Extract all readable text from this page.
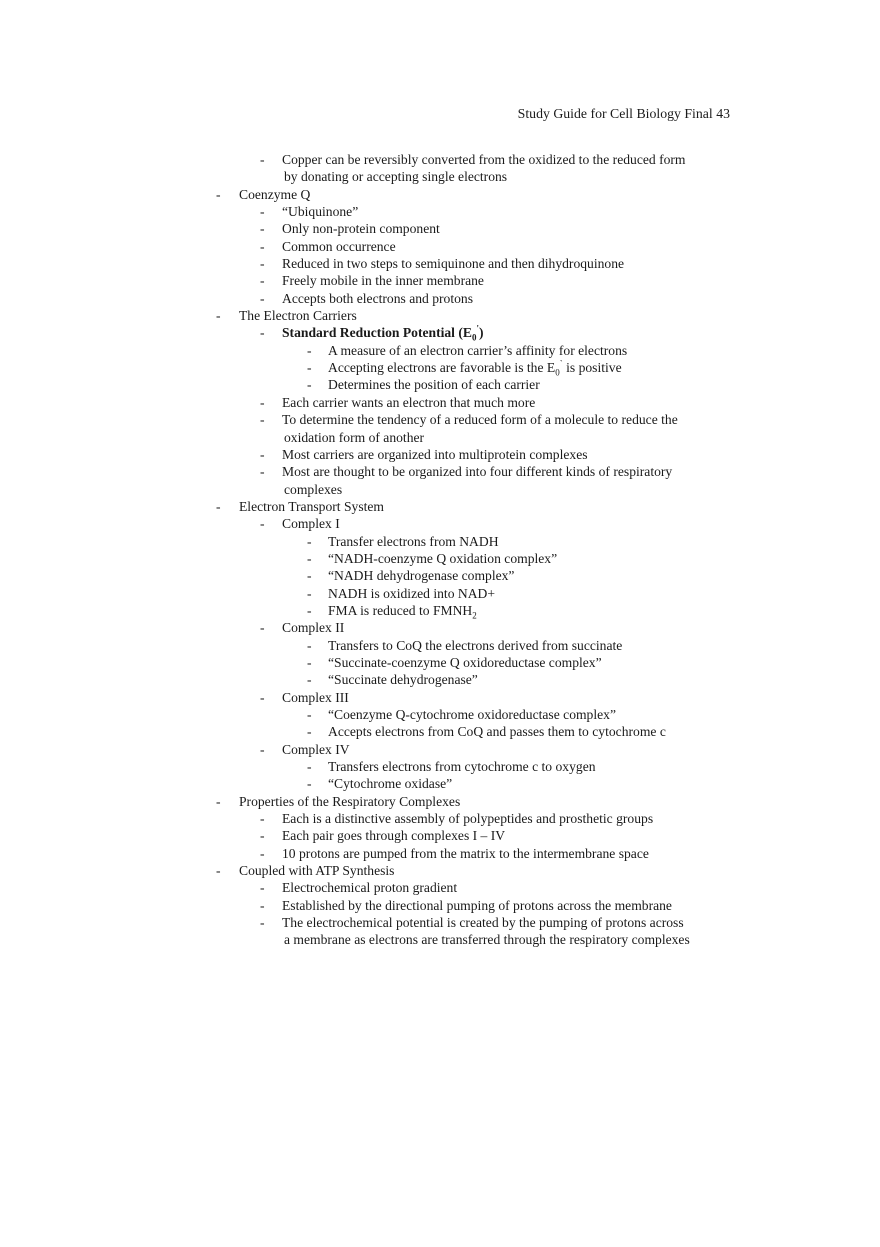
Study Guide for Cell Biology Final 43
- Copper can be reversibly converted from the oxidized to the reduced form
by donating or accepting single electrons
- Coenzyme Q
- “Ubiquinone”
- Only non-protein component
- Common occurrence
- Reduced in two steps to semiquinone and then dihydroquinone
- Freely mobile in the inner membrane
- Accepts both electrons and protons
- The Electron Carriers
- Standard Reduction Potential $(E_0')$
- A measure of an electron carrier’s affinity for electrons
- Accepting electrons are favorable is the $E_0^`$ is positive
- Determines the position of each carrier
- Each carrier wants an electron that much more
- To determine the tendency of a reduced form of a molecule to reduce the
oxidation form of another
- Most carriers are organized into multiprotein complexes
- Most are thought to be organized into four different kinds of respiratory
complexes
- Electron Transport System
- Complex I
- Transfer electrons from NADH
- “NADH-coenzyme Q oxidation complex”
- “NADH dehydrogenase complex”
- NADH is oxidized into NAD+
- FMA is reduced to $FMNH_2$
- Complex II
- Transfers to CoQ the electrons derived from succinate
- “Succinate-coenzyme Q oxidoreductase complex”
- “Succinate dehydrogenase”
- Complex III
- “Coenzyme Q-cytochrome oxidoreductase complex”
- Accepts electrons from CoQ and passes them to cytochrome c
- Complex IV
- Transfers electrons from cytochrome c to oxygen
- “Cytochrome oxidase”
- Properties of the Respiratory Complexes
- Each is a distinctive assembly of polypeptides and prosthetic groups
- Each pair goes through complexes I – IV
- 10 protons are pumped from the matrix to the intermembrane space
- Coupled with ATP Synthesis
- Electrochemical proton gradient
- Established by the directional pumping of protons across the membrane
- The electrochemical potential is created by the pumping of protons across
a membrane as electrons are transferred through the respiratory complexes
